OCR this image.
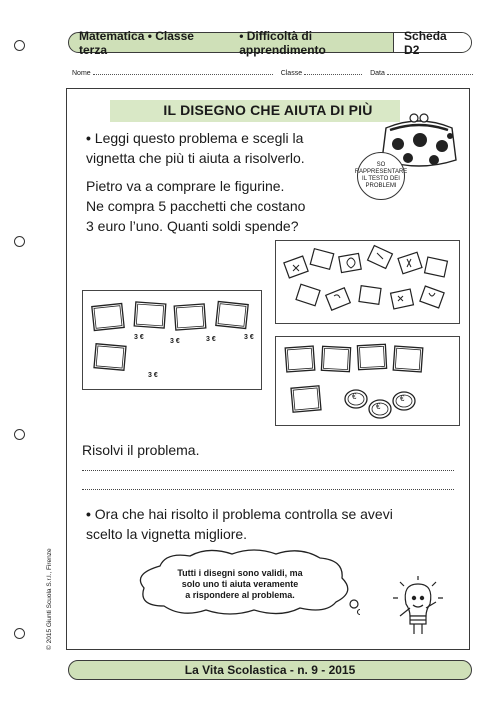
Matematica • Classe terza
• Difficoltà di apprendimento
Scheda D2
Nome	Classe	Data
IL DISEGNO CHE AIUTA DI PIÙ
SO RAPPRESENTARE IL TESTO DEI PROBLEMI
• Leggi questo problema e scegli la
vignetta che più ti aiuta a risolverlo.
Pietro va a comprare le figurine.
Ne compra 5 pacchetti che costano
3 euro l’uno. Quanti soldi spende?
3 €
3 €	3 €	3 €
3 €
€
€
€
Risolvi il problema.
• Ora che hai risolto il problema controlla se avevi
scelto la vignetta migliore.
Tutti i disegni sono validi, ma
solo uno ti aiuta veramente
a rispondere al problema.
© 2015 Giunti Scuola S.r.l., Firenze
La Vita Scolastica - n. 9 - 2015
